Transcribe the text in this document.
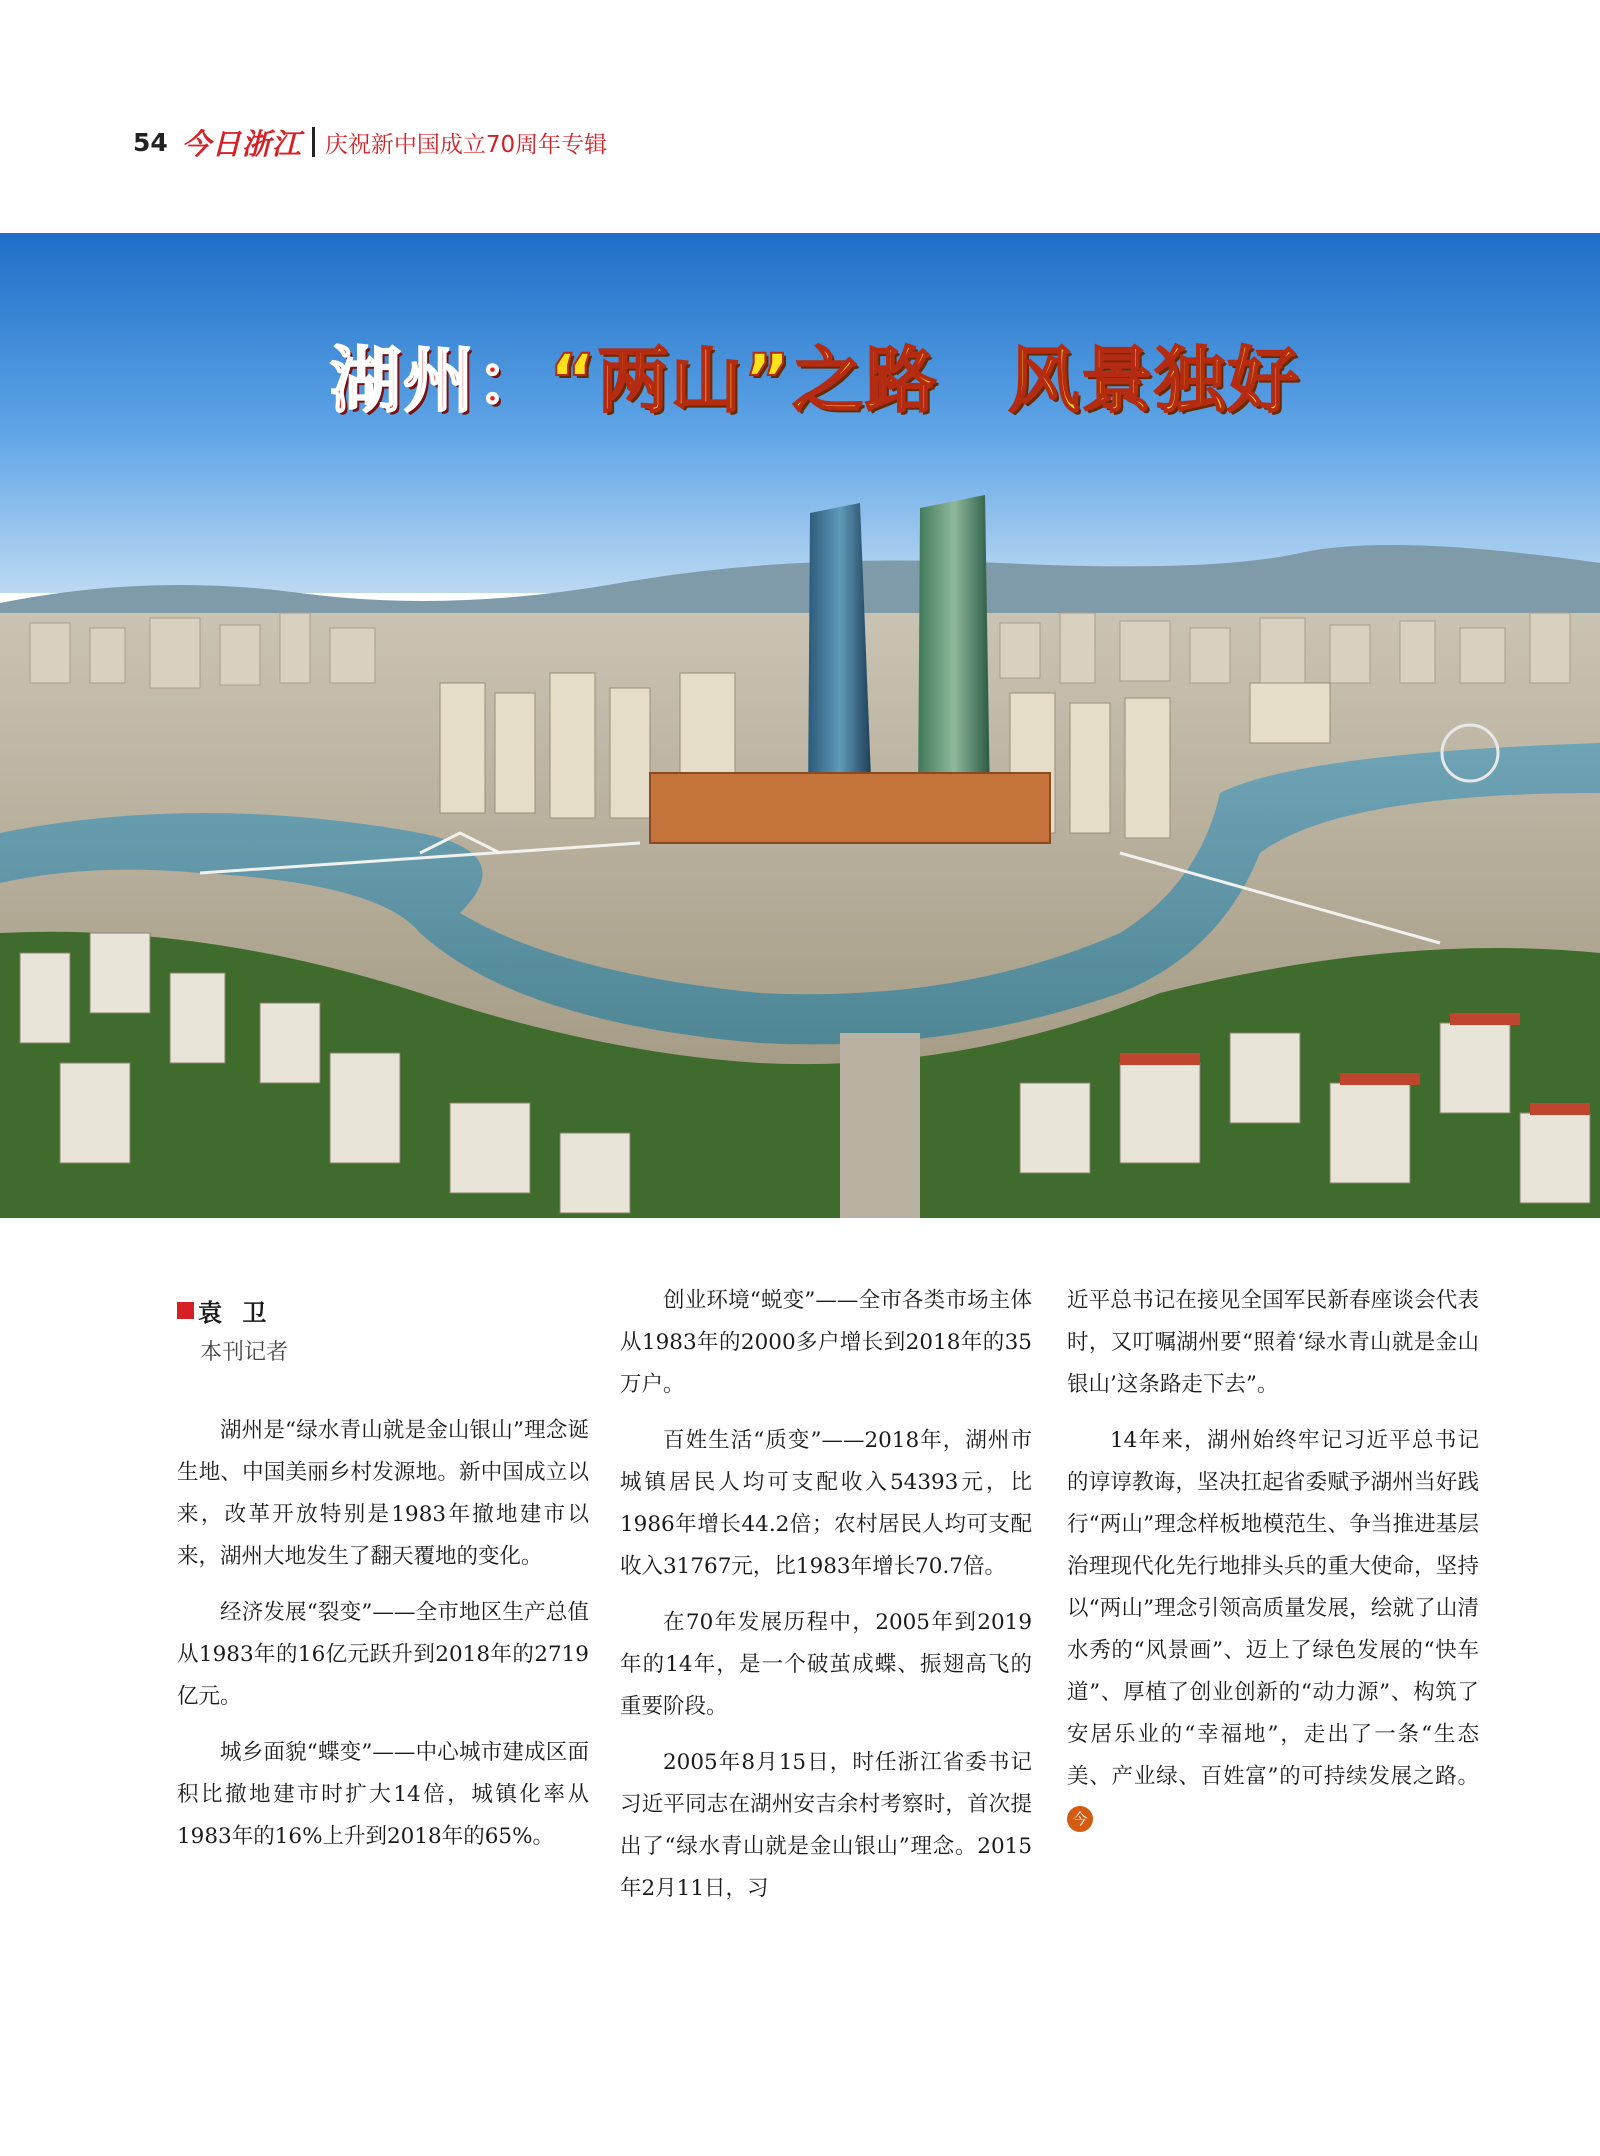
54 今日浙江 庆祝新中国成立70周年专辑
湖州：“两山”之路 风景独好
袁 卫
本刊记者

湖州是“绿水青山就是金山银山”理念诞生地、中国美丽乡村发源地。新中国成立以来，改革开放特别是1983年撤地建市以来，湖州大地发生了翻天覆地的变化。

经济发展“裂变”——全市地区生产总值从1983年的16亿元跃升到2018年的2719亿元。

城乡面貌“蝶变”——中心城市建成区面积比撤地建市时扩大14倍，城镇化率从1983年的16%上升到2018年的65%。

创业环境“蜕变”——全市各类市场主体从1983年的2000多户增长到2018年的35万户。

百姓生活“质变”——2018年，湖州市城镇居民人均可支配收入54393元，比1986年增长44.2倍；农村居民人均可支配收入31767元，比1983年增长70.7倍。

在70年发展历程中，2005年到2019年的14年，是一个破茧成蝶、振翅高飞的重要阶段。

2005年8月15日，时任浙江省委书记习近平同志在湖州安吉余村考察时，首次提出了“绿水青山就是金山银山”理念。2015年2月11日，习

近平总书记在接见全国军民新春座谈会代表时，又叮嘱湖州要“照着‘绿水青山就是金山银山’这条路走下去”。

14年来，湖州始终牢记习近平总书记的谆谆教诲，坚决扛起省委赋予湖州当好践行“两山”理念样板地模范生、争当推进基层治理现代化先行地排头兵的重大使命，坚持以“两山”理念引领高质量发展，绘就了山清水秀的“风景画”、迈上了绿色发展的“快车道”、厚植了创业创新的“动力源”、构筑了安居乐业的“幸福地”，走出了一条“生态美、产业绿、百姓富”的可持续发展之路。今
